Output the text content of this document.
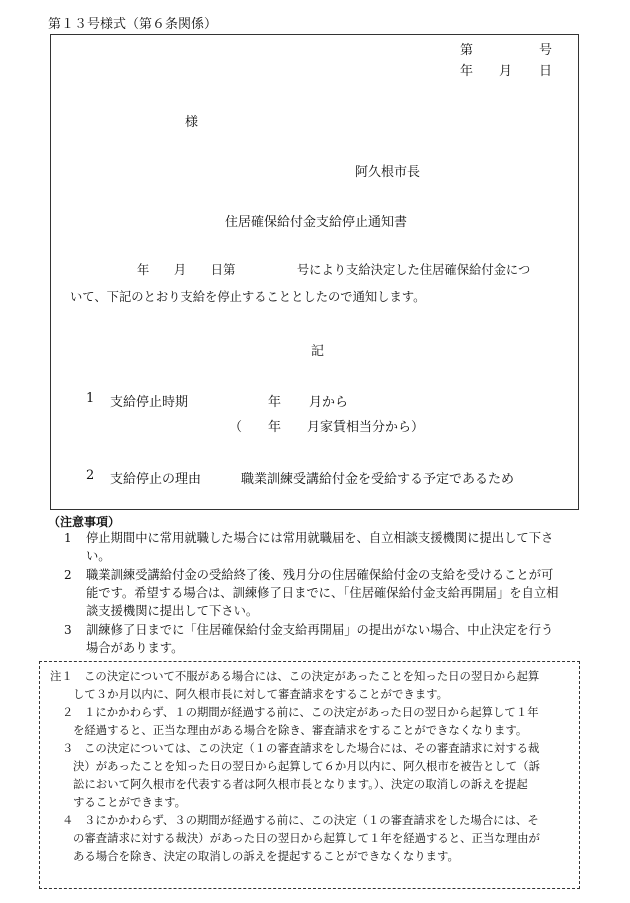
第１３号様式（第６条関係）
第	号
年 月 日
様
阿久根市長
住居確保給付金支給停止通知書
年　　月　　日第　　　　　号により支給決定した住居確保給付金につ
いて、下記のとおり支給を停止することとしたので通知します。
記
1 支給停止時期	年 月から
（　　年　　月家賃相当分から）
2 支給停止の理由	職業訓練受講給付金を受給する予定であるため
（注意事項）
1 停止期間中に常用就職した場合には常用就職届を、自立相談支援機関に提出して下さ
い。
2 職業訓練受講給付金の受給終了後、残月分の住居確保給付金の支給を受けることが可
能です。希望する場合は、訓練修了日までに、「住居確保給付金支給再開届」を自立相
談支援機関に提出して下さい。
3 訓練修了日までに「住居確保給付金支給再開届」の提出がない場合、中止決定を行う
場合があります。
注１ この決定について不服がある場合には、この決定があったことを知った日の翌日から起算
して３か月以内に、阿久根市長に対して審査請求をすることができます。
２ １にかかわらず、１の期間が経過する前に、この決定があった日の翌日から起算して１年
を経過すると、正当な理由がある場合を除き、審査請求をすることができなくなります。
３ この決定については、この決定（１の審査請求をした場合には、その審査請求に対する裁
決）があったことを知った日の翌日から起算して６か月以内に、阿久根市を被告として（訴
訟において阿久根市を代表する者は阿久根市長となります。）、決定の取消しの訴えを提起
することができます。
４ ３にかかわらず、３の期間が経過する前に、この決定（１の審査請求をした場合には、そ
の審査請求に対する裁決）があった日の翌日から起算して１年を経過すると、正当な理由が
ある場合を除き、決定の取消しの訴えを提起することができなくなります。
